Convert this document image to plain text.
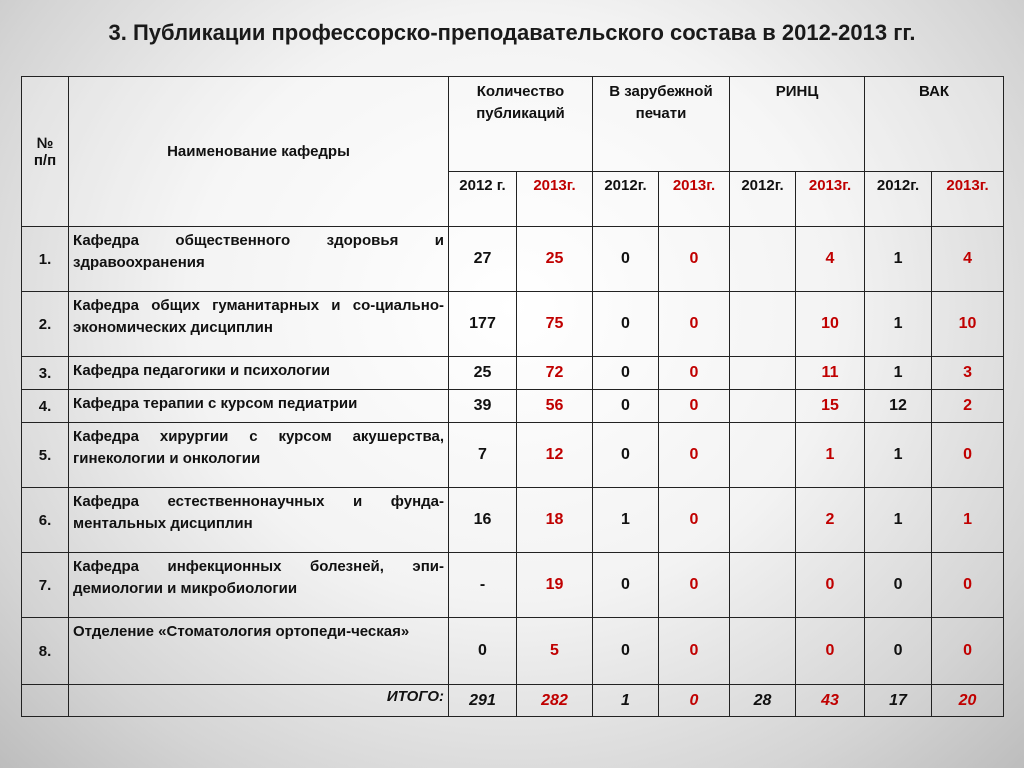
3. Публикации профессорско-преподавательского состава в 2012-2013 гг.
№
п/п	Наименование кафедры	Количество
публикаций		В зарубежной
печати		РИНЦ		ВАК	
		2012 г.	2013г.	2012г.	2013г.	2012г.	2013г.	2012г.	2013г.
1.	Кафедра общественного здоровья и здравоохранения	27	25	0	0		4	1	4
2.	Кафедра общих гуманитарных и со-циально-экономических дисциплин	177	75	0	0		10	1	10
3.	Кафедра педагогики и психологии	25	72	0	0		11	1	3
4.	Кафедра терапии с курсом педиатрии	39	56	0	0		15	12	2
5.	Кафедра хирургии с курсом акушерства, гинекологии и онкологии	7	12	0	0		1	1	0
6.	Кафедра естественнонаучных и фунда-ментальных дисциплин	16	18	1	0		2	1	1
7.	Кафедра инфекционных болезней, эпи-демиологии и микробиологии	-	19	0	0		0	0	0
8.	Отделение «Стоматология ортопеди-ческая»	0	5	0	0		0	0	0
	ИТОГО:	291	282	1	0	28	43	17	20
